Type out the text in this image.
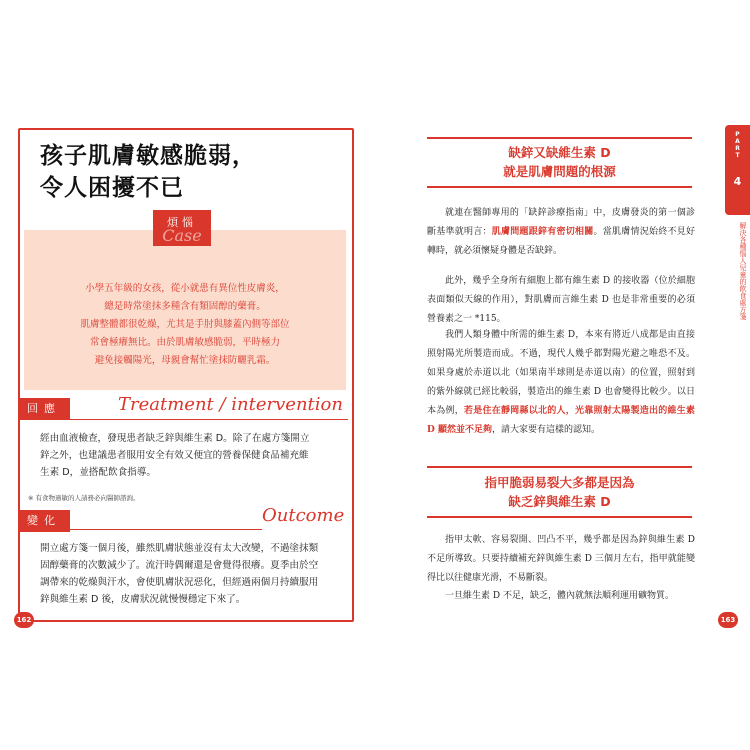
孩子肌膚敏感脆弱，
令人困擾不已
小學五年級的女孩，從小就患有異位性皮膚炎，
總是時常塗抹多種含有類固醇的藥膏。
肌膚整體都很乾燥，尤其是手肘與膝蓋內側等部位
常會極癢無比。由於肌膚敏感脆弱，平時極力
避免接觸陽光，母親會幫忙塗抹防曬乳霜。
煩惱
Case
回應	Treatment / intervention
經由血液檢查，發現患者缺乏鋅與維生素 D。除了在處方箋開立
鋅之外，也建議患者服用安全有效又便宜的營養保健食品補充維
生素 D，並搭配飲食指導。
※ 有食物過敏的人請務必向醫師諮詢。
變化	Outcome
開立處方箋一個月後，雖然肌膚狀態並沒有太大改變，不過塗抹類
固醇藥膏的次數減少了。流汗時偶爾還是會覺得很癢。夏季由於空
調帶來的乾燥與汗水，會使肌膚狀況惡化，但經過兩個月持續服用
鋅與維生素 D 後，皮膚狀況就慢慢穩定下來了。
162
缺鋅又缺維生素 D
就是肌膚問題的根源
就連在醫師專用的「缺鋅診療指南」中，皮膚發炎的第一個診斷基準就明言：肌膚問題跟鋅有密切相關。當肌膚情況始終不見好轉時，就必須懷疑身體是否缺鋅。
此外，幾乎全身所有細胞上都有維生素 D 的接收器（位於細胞表面類似天線的作用），對肌膚而言維生素 D 也是非常重要的必須營養素之一 *115。
我們人類身體中所需的維生素 D，本來有將近八成都是由直接照射陽光所製造而成。不過，現代人幾乎都對陽光避之唯恐不及。如果身處於赤道以北（如果南半球則是赤道以南）的位置，照射到的紫外線就已經比較弱，製造出的維生素 D 也會變得比較少。以日本為例，若是住在靜岡縣以北的人，光靠照射太陽製造出的維生素 D 顯然並不足夠，請大家要有這樣的認知。
指甲脆弱易裂大多都是因為
缺乏鋅與維生素 D
指甲太軟、容易裂開、凹凸不平，幾乎都是因為鋅與維生素 D 不足所導致。只要持續補充鋅與維生素 D 三個月左右，指甲就能變得比以往健康光滑，不易斷裂。
一旦維生素 D 不足，缺乏，體內就無法順利運用礦物質。
163
PART
4
解決各種惱人兒童的飲食處方箋
